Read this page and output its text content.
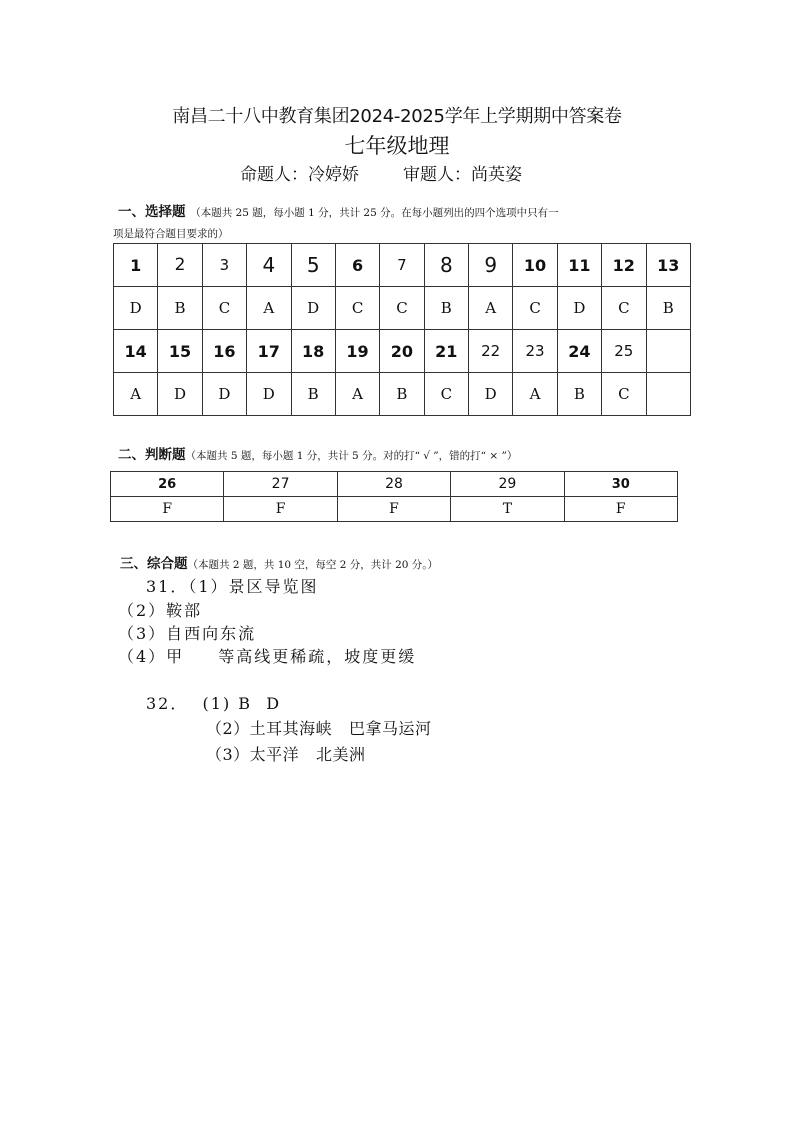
南昌二十八中教育集团2024-2025学年上学期期中答案卷
七年级地理
命题人：冷婷娇	审题人：尚英姿
一、选择题 （本题共 25 题，每小题 1 分，共计 25 分。在每小题列出的四个选项中只有一
项是最符合题目要求的）
1	2	3	4	5	6	7	8	9	10	11	12	13
D	B	C	A	D	C	C	B	A	C	D	C	B
14	15	16	17	18	19	20	21	22	23	24	25	
A	D	D	D	B	A	B	C	D	A	B	C	
二、判断题（本题共 5 题，每小题 1 分，共计 5 分。对的打“ √ ”，错的打“ × ”）
26	27	28	29	30
F	F	F	T	F
三、综合题（本题共 2 题，共 10 空，每空 2 分，共计 20 分。）
31．（1）景区导览图
（2）鞍部
（3）自西向东流
（4）甲 等高线更稀疏，坡度更缓
32．  (1) B  D
（2）土耳其海峡   巴拿马运河
（3）太平洋   北美洲
